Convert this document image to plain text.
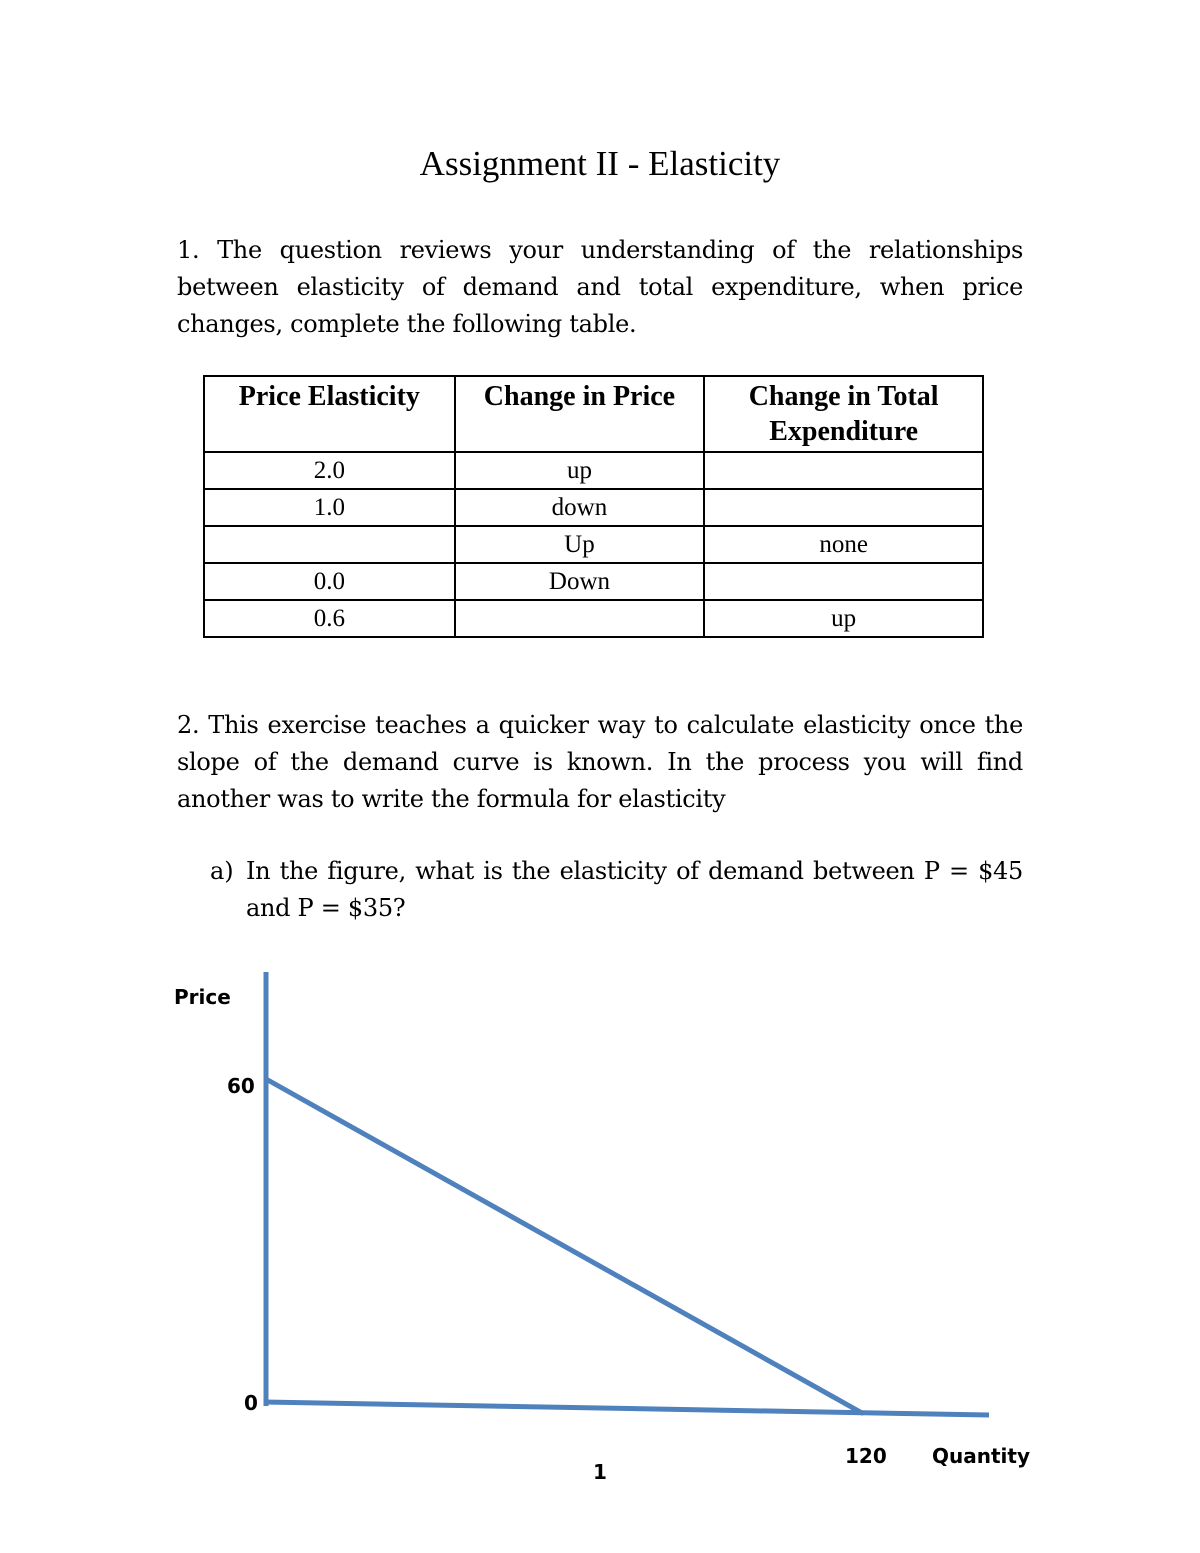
Assignment II - Elasticity
1. The question reviews your understanding of the relationships between elasticity of demand and total expenditure, when price changes, complete the following table.
Price Elasticity	Change in Price	Change in Total Expenditure
2.0	up	
1.0	down	
	Up	none
0.0	Down	
0.6		up
2. This exercise teaches a quicker way to calculate elasticity once the slope of the demand curve is known. In the process you will find another was to write the formula for elasticity
a) In the figure, what is the elasticity of demand between P = $45 and P = $35?
Price
60
0
120 Quantity
1
